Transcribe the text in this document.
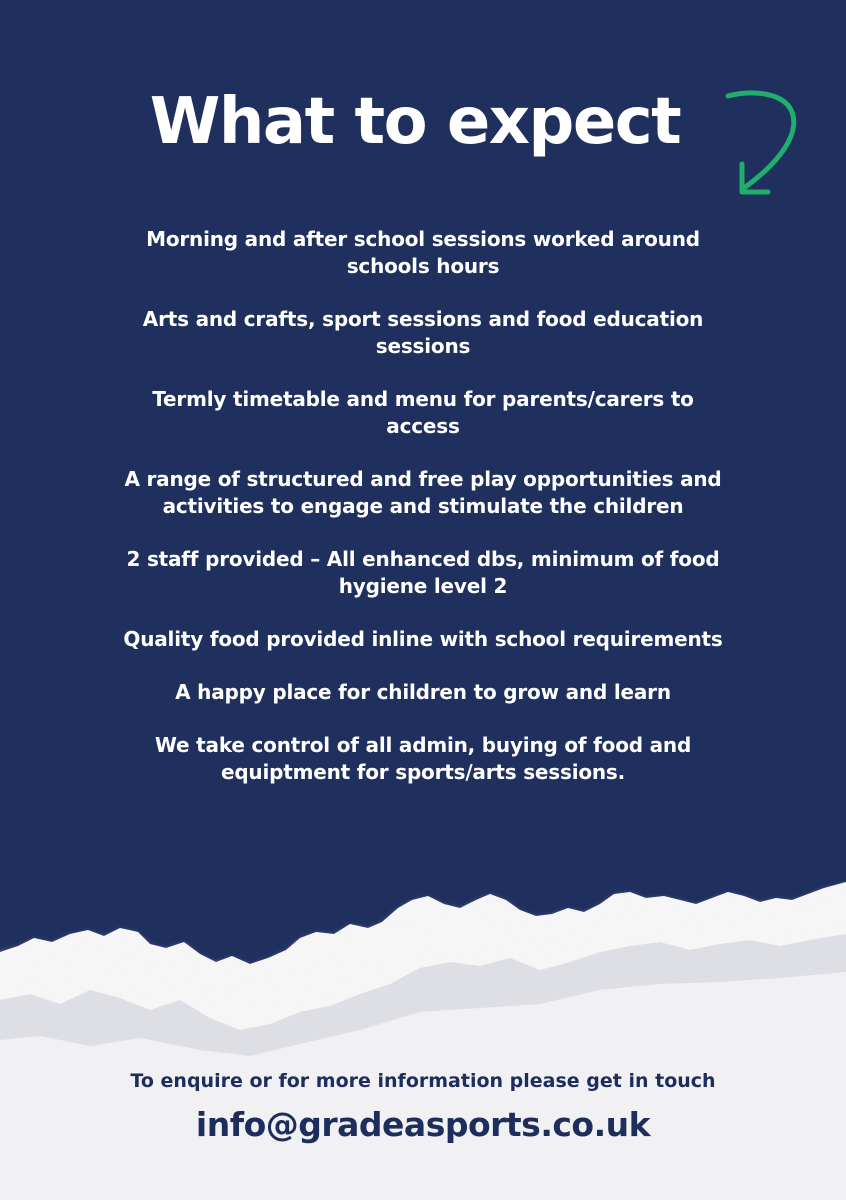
What to expect
Morning and after school sessions worked around schools hours
Arts and crafts, sport sessions and food education sessions
Termly timetable and menu for parents/carers to access
A range of structured and free play opportunities and activities to engage and stimulate the children
2 staff provided – All enhanced dbs, minimum of food hygiene level 2
Quality food provided inline with school requirements
A happy place for children to grow and learn
We take control of all admin, buying of food and equiptment for sports/arts sessions.

To enquire or for more information please get in touch

info@gradeasports.co.uk
